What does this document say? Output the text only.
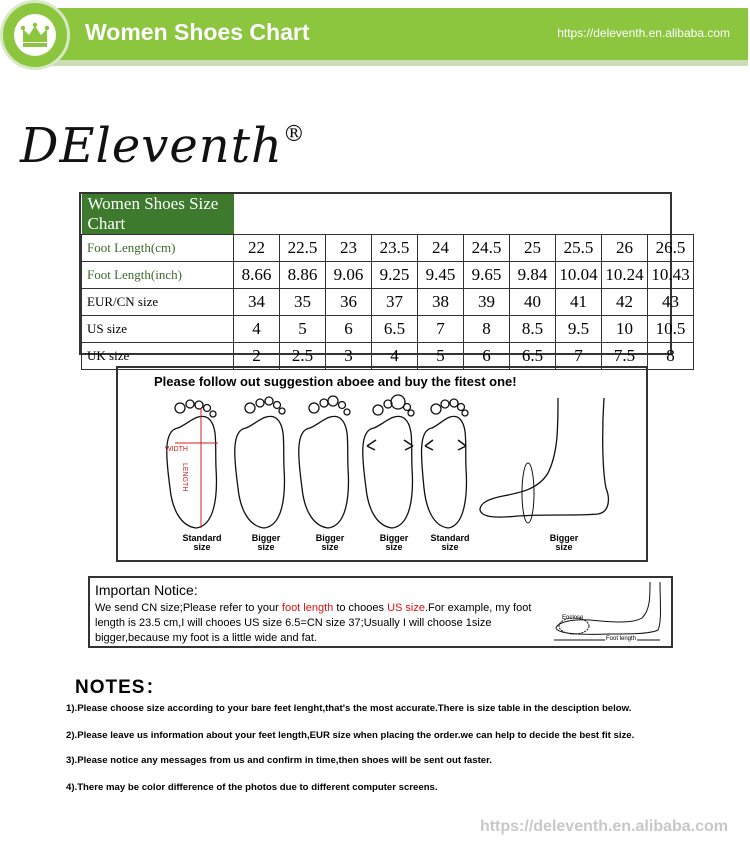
Women Shoes Chart	https://deleventh.en.alibaba.com
DEleventh®
Women Shoes Size Chart										
Foot Length(cm)	22	22.5	23	23.5	24	24.5	25	25.5	26	26.5
Foot Length(inch)	8.66	8.86	9.06	9.25	9.45	9.65	9.84	10.04	10.24	10.43
EUR/CN size	34	35	36	37	38	39	40	41	42	43
US size	4	5	6	6.5	7	8	8.5	9.5	10	10.5
UK size	2	2.5	3	4	5	6	6.5	7	7.5	8
Please follow out suggestion aboee and buy the fitest one!
WIDTH
LENGTH
Standard
size
Bigger
size
Bigger
size
Bigger
size
Standard
size
Bigger
size
Importan Notice:
We send CN size;Please refer to your foot length to chooes US size.For example, my foot length is 23.5 cm,I will chooes US size 6.5=CN size 37;Usually I will choose 1size bigger,because my foot is a little wide and fat.
Enclose
Foot length
NOTES：
1).Please choose size according to your bare feet lenght,that's the most accurate.There is size table in the desciption below.
2).Please leave us information about your feet length,EUR size when placing the order.we can help to decide the best fit size.
3).Please notice any messages from us and confirm in time,then shoes will be sent out faster.
4).There may be color difference of the photos due to different computer screens.
https://deleventh.en.alibaba.com
